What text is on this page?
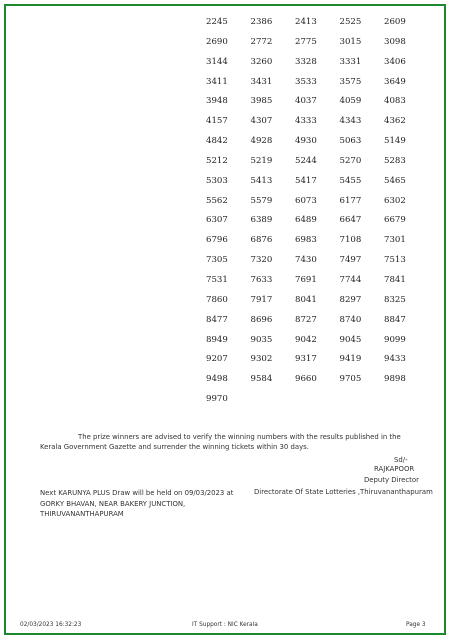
2245	2386	2413	2525	2609
2690	2772	2775	3015	3098
3144	3260	3328	3331	3406
3411	3431	3533	3575	3649
3948	3985	4037	4059	4083
4157	4307	4333	4343	4362
4842	4928	4930	5063	5149
5212	5219	5244	5270	5283
5303	5413	5417	5455	5465
5562	5579	6073	6177	6302
6307	6389	6489	6647	6679
6796	6876	6983	7108	7301
7305	7320	7430	7497	7513
7531	7633	7691	7744	7841
7860	7917	8041	8297	8325
8477	8696	8727	8740	8847
8949	9035	9042	9045	9099
9207	9302	9317	9419	9433
9498	9584	9660	9705	9898
9970
The prize winners are advised to verify the winning numbers with the results published in the Kerala Government Gazette and surrender the winning tickets within 30 days.
Sd/-
RAJKAPOOR
Deputy Director
Directorate Of State Lotteries ,Thiruvananthapuram
Next KARUNYA PLUS Draw will be held on 09/03/2023 at
GORKY BHAVAN, NEAR BAKERY JUNCTION,
THIRUVANANTHAPURAM
02/03/2023 16:32:23	IT Support : NIC Kerala	Page 3
